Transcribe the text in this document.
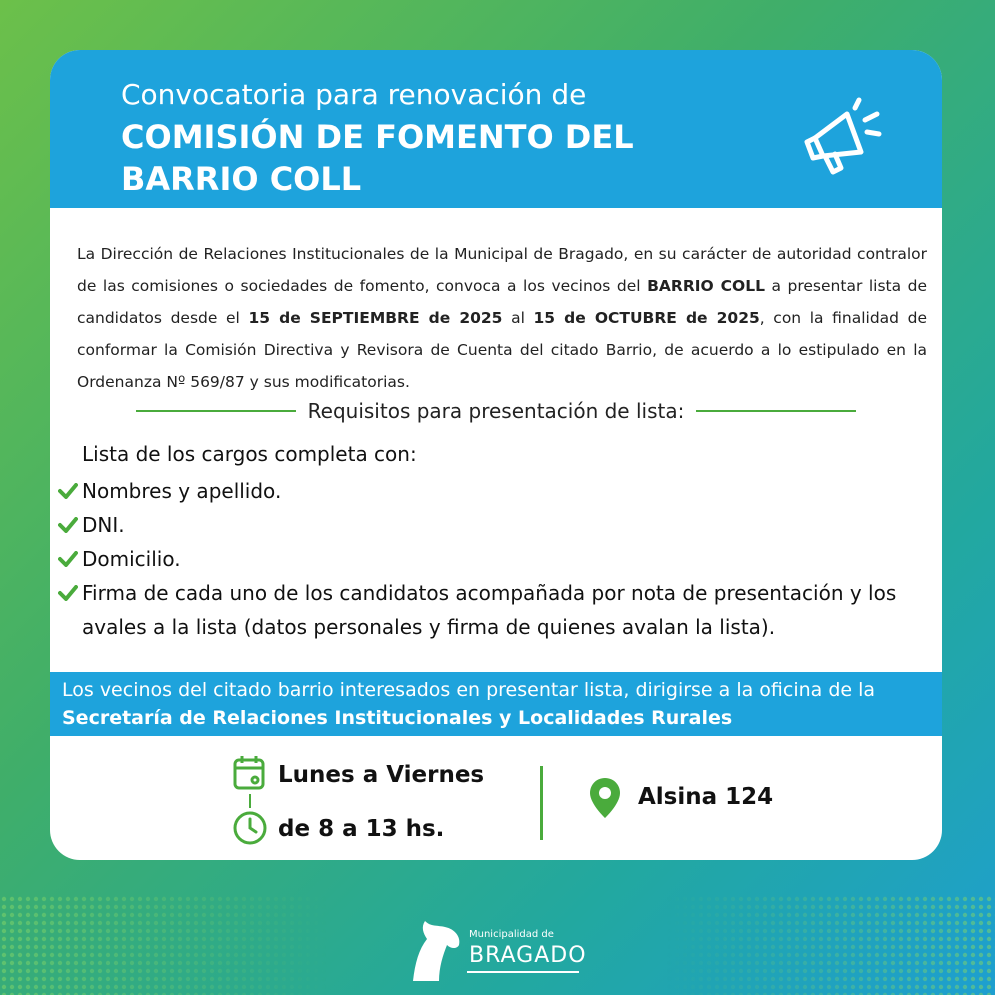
Convocatoria para renovación de
COMISIÓN DE FOMENTO DEL
BARRIO COLL

La Dirección de Relaciones Institucionales de la Municipal de Bragado, en su carácter de autoridad contralor de las comisiones o sociedades de fomento, convoca a los vecinos del BARRIO COLL a presentar lista de candidatos desde el 15 de SEPTIEMBRE de 2025 al 15 de OCTUBRE de 2025, con la finalidad de conformar la Comisión Directiva y Revisora de Cuenta del citado Barrio, de acuerdo a lo estipulado en la Ordenanza Nº 569/87 y sus modificatorias.

Requisitos para presentación de lista:
Lista de los cargos completa con:
Nombres y apellido.
DNI.
Domicilio.
Firma de cada uno de los candidatos acompañada por nota de presentación y los avales a la lista (datos personales y firma de quienes avalan la lista).
Los vecinos del citado barrio interesados en presentar lista, dirigirse a la oficina de la Secretaría de Relaciones Institucionales y Localidades Rurales
Lunes a Viernes
de 8 a 13 hs.
Alsina 124
Municipalidad de
BRAGADO
